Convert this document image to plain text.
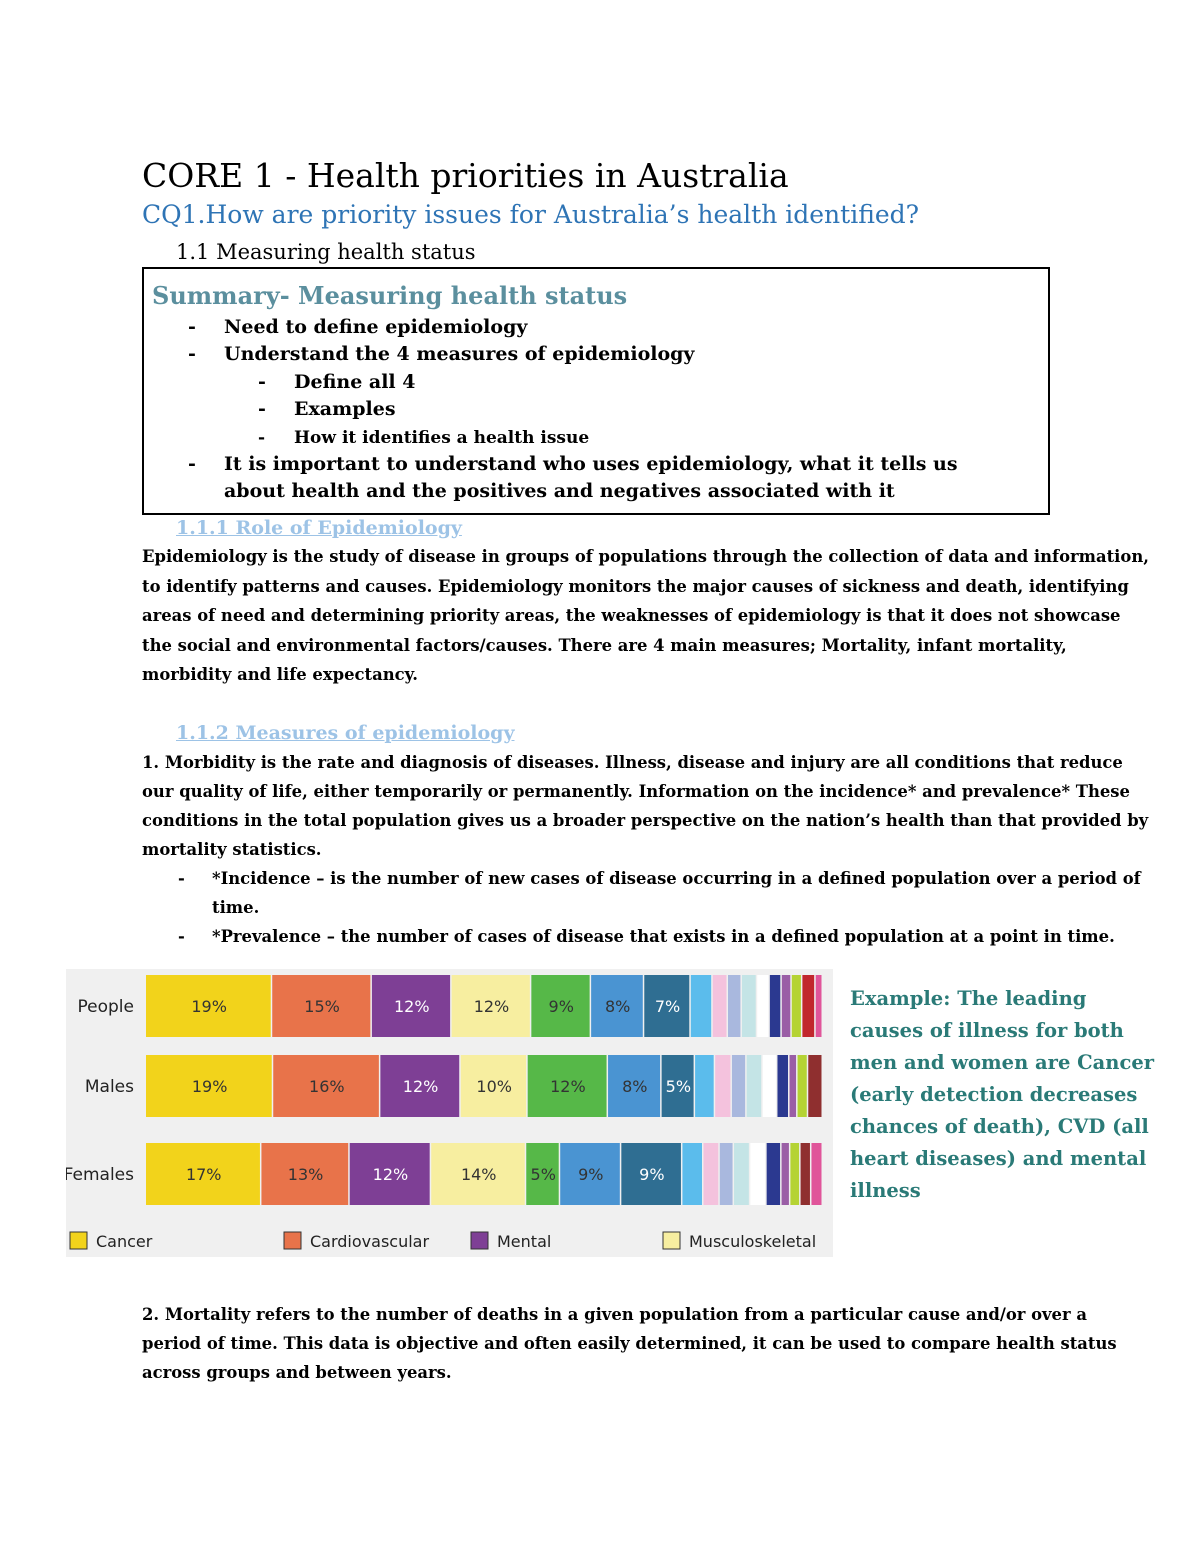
CORE 1 - Health priorities in Australia
CQ1.How are priority issues for Australia’s health identified?
1.1 Measuring health status
Summary- Measuring health status
- Need to define epidemiology
- Understand the 4 measures of epidemiology
- Define all 4
- Examples
- How it identifies a health issue
- It is important to understand who uses epidemiology, what it tells us about health and the positives and negatives associated with it
1.1.1 Role of Epidemiology
Epidemiology is the study of disease in groups of populations through the collection of data and information,
to identify patterns and causes. Epidemiology monitors the major causes of sickness and death, identifying
areas of need and determining priority areas, the weaknesses of epidemiology is that it does not showcase
the social and environmental factors/causes. There are 4 main measures; Mortality, infant mortality,
morbidity and life expectancy.
1.1.2 Measures of epidemiology
1. Morbidity is the rate and diagnosis of diseases. Illness, disease and injury are all conditions that reduce
our quality of life, either temporarily or permanently. Information on the incidence* and prevalence* These
conditions in the total population gives us a broader perspective on the nation’s health than that provided by
mortality statistics.
- *Incidence – is the number of new cases of disease occurring in a defined population over a period of
time.
- *Prevalence – the number of cases of disease that exists in a defined population at a point in time.
People	19%	15%	12%	12% 9% 8% 7%
Males	19%	16%	12% 10% 12% 8% 5%
Females	17%	13%	12%	14% 5% 9% 9%
Cancer	Cardiovascular	Mental	Musculoskeletal
Example: The leading causes of illness for both men and women are Cancer (early detection decreases chances of death), CVD (all heart diseases) and mental illness
2. Mortality refers to the number of deaths in a given population from a particular cause and/or over a
period of time. This data is objective and often easily determined, it can be used to compare health status
across groups and between years.
